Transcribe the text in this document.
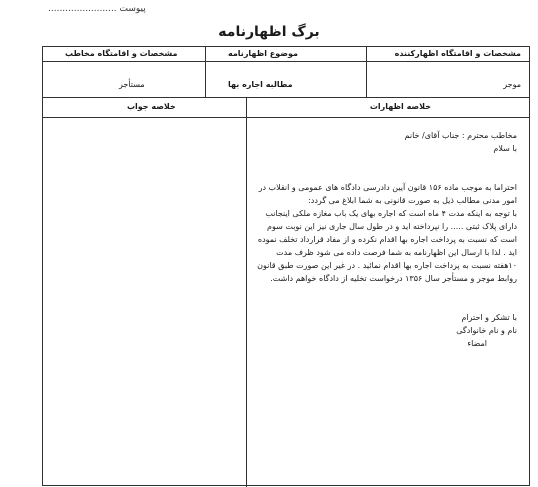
پیوست ........................
برگ اظهارنامه
مشخصات و اقامتگاه اظهارکننده
موضوع اظهارنامه
مشخصات و اقامتگاه مخاطب
موجر
مطالبه اجاره بها
مستأجر
خلاصه اظهارات
خلاصه جواب

مخاطب محترم : جناب آقای/ خانم

با سلام

احتراما به موجب ماده ۱۵۶ قانون آیین دادرسی دادگاه های عمومی و انقلاب در امور مدنی مطالب ذیل به صورت قانونی به شما ابلاغ می گردد:

با توجه به اینکه مدت ۴ ماه است که اجاره بهای یک باب مغازه ملکی اینجانب دارای پلاک ثبتی ..... را نپرداخته اید و در طول سال جاری نیز این نوبت سوم است که نسبت به پرداخت اجاره بها اقدام نکرده و از مفاد قرارداد تخلف نموده اید . لذا با ارسال این اظهارنامه به شما فرصت داده می شود ظرف مدت ۱۰هفته نسبت به پرداخت اجاره بها اقدام نمائید . در غیر این صورت طبق قانون روابط موجر و مستأجر سال ۱۳۵۶ درخواست تخلیه از دادگاه خواهم داشت.

با تشکر و احترام

نام و نام خانوادگی

امضاء
